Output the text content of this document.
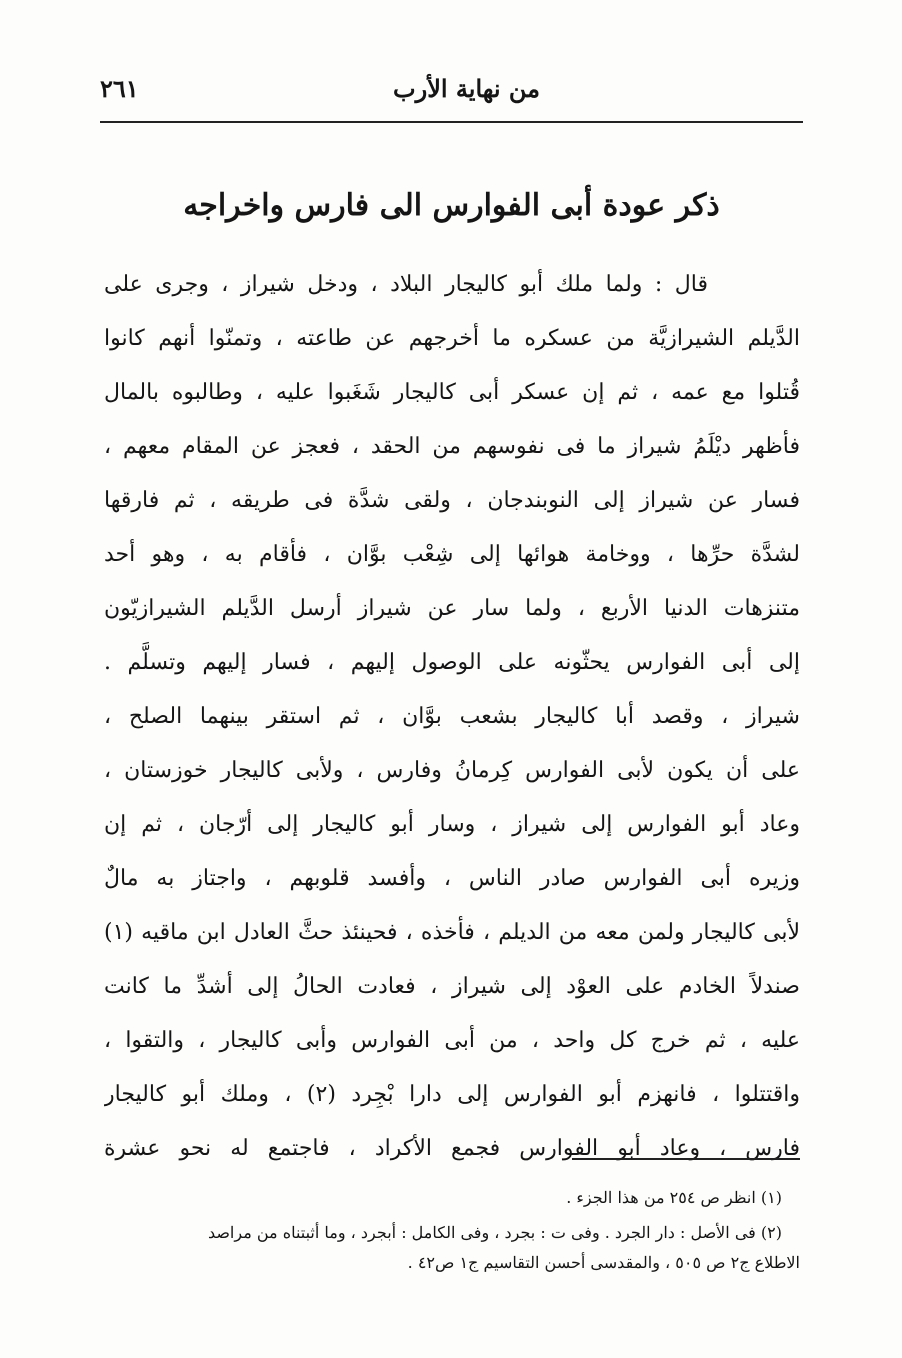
من نهاية الأرب
٢٦١
ذكر عودة أبى الفوارس الى فارس واخراجه
قال : ولما ملك أبو كاليجار البلاد ، ودخل شيراز ، وجرى على
الدَّيلم الشيرازيَّة من عسكره ما أخرجهم عن طاعته ، وتمنّوا أنهم كانوا
قُتلوا مع عمه ، ثم إن عسكر أبى كاليجار شَغَبوا عليه ، وطالبوه بالمال
فأظهر ديْلَمُ شيراز ما فى نفوسهم من الحقد ، فعجز عن المقام معهم ،
فسار عن شيراز إلى النوبندجان ، ولقى شدَّة فى طريقه ، ثم فارقها
لشدَّة حرِّها ، ووخامة هوائها إلى شِعْب بوَّان ، فأقام به ، وهو أحد
متنزهات الدنيا الأربع ، ولما سار عن شيراز أرسل الدَّيلم الشيرازيّون
إلى أبى الفوارس يحثّونه على الوصول إليهم ، فسار إليهم وتسلَّم .
شيراز ، وقصد أبا كاليجار بشعب بوَّان ، ثم استقر بينهما الصلح ،
على أن يكون لأبى الفوارس كِرمانُ وفارس ، ولأبى كاليجار خوزستان ،
وعاد أبو الفوارس إلى شيراز ، وسار أبو كاليجار إلى أرّجان ، ثم إن
وزيره أبى الفوارس صادر الناس ، وأفسد قلوبهم ، واجتاز به مالٌ
لأبى كاليجار ولمن معه من الديلم ، فأخذه ، فحينئذ حثَّ العادل ابن ماقيه (١)
صندلاً الخادم على العوْد إلى شيراز ، فعادت الحالُ إلى أشدِّ ما كانت
عليه ، ثم خرج كل واحد ، من أبى الفوارس وأبى كاليجار ، والتقوا ،
واقتتلوا ، فانهزم أبو الفوارس إلى دارا بْجِرد (٢) ، وملك أبو كاليجار
فارس ، وعاد أبو الفوارس فجمع الأكراد ، فاجتمع له نحو عشرة
(١) انظر ص ٢٥٤ من هذا الجزء .
(٢) فى الأصل : دار الجرد . وفى ت : بجرد ، وفى الكامل : أبجرد ، وما أثبتناه من مراصد
الاطلاع ج٢ ص ٥٠٥ ، والمقدسى أحسن التقاسيم ج١ ص٤٢ .
